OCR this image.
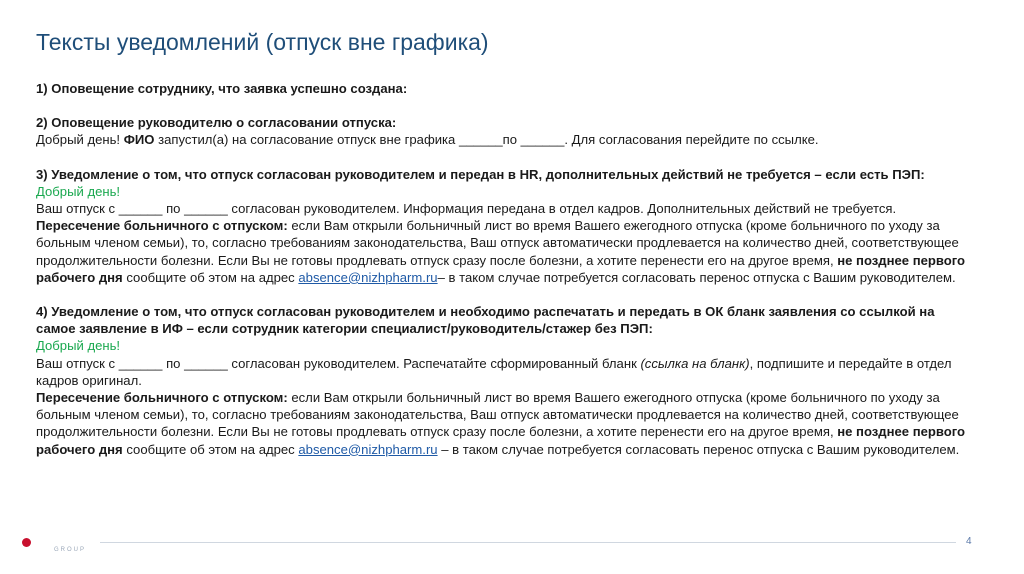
Тексты уведомлений (отпуск вне графика)

1) Оповещение сотруднику, что заявка успешно создана:

2) Оповещение руководителю о согласовании отпуска:

Добрый день! ФИО запустил(а) на согласование отпуск вне графика ______по ______. Для согласования перейдите по ссылке.

3) Уведомление о том, что отпуск согласован руководителем и передан в HR, дополнительных действий не требуется – если есть ПЭП:

Добрый день!

Ваш отпуск с ______ по ______ согласован руководителем. Информация передана в отдел кадров. Дополнительных действий не требуется.

Пересечение больничного с отпуском: если Вам открыли больничный лист во время Вашего ежегодного отпуска (кроме больничного по уходу за больным членом семьи), то, согласно требованиям законодательства, Ваш отпуск автоматически продлевается на количество дней, соответствующее продолжительности болезни. Если Вы не готовы продлевать отпуск сразу после болезни, а хотите перенести его на другое время, не позднее первого рабочего дня сообщите об этом на адрес absence@nizhpharm.ru– в таком случае потребуется согласовать перенос отпуска с Вашим руководителем.

4) Уведомление о том, что отпуск согласован руководителем и необходимо распечатать и передать в ОК бланк заявления со ссылкой на самое заявление в ИФ – если сотрудник категории специалист/руководитель/стажер без ПЭП:

Добрый день!

Ваш отпуск с ______ по ______ согласован руководителем. Распечатайте сформированный бланк (ссылка на бланк), подпишите и передайте в отдел кадров оригинал.

Пересечение больничного с отпуском: если Вам открыли больничный лист во время Вашего ежегодного отпуска (кроме больничного по уходу за больным членом семьи), то, согласно требованиям законодательства, Ваш отпуск автоматически продлевается на количество дней, соответствующее продолжительности болезни. Если Вы не готовы продлевать отпуск сразу после болезни, а хотите перенести его на другое время, не позднее первого рабочего дня сообщите об этом на адрес absence@nizhpharm.ru – в таком случае потребуется согласовать перенос отпуска с Вашим руководителем.

4
GROUP
